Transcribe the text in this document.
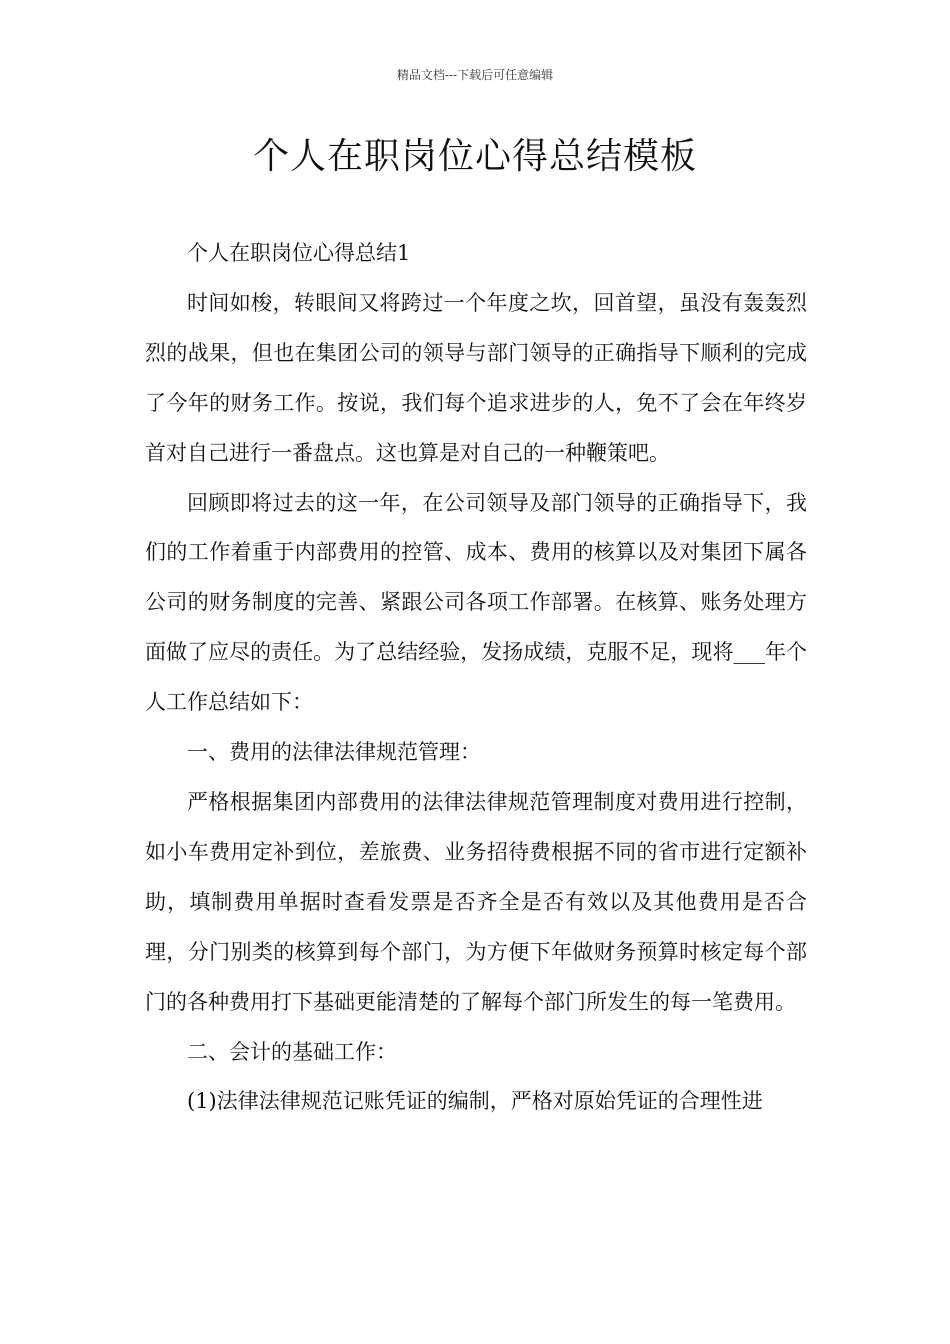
精品文档---下载后可任意编辑
个人在职岗位心得总结模板

个人在职岗位心得总结1

时间如梭，转眼间又将跨过一个年度之坎，回首望，虽没有轰轰烈烈的战果，但也在集团公司的领导与部门领导的正确指导下顺利的完成了今年的财务工作。按说，我们每个追求进步的人，免不了会在年终岁首对自己进行一番盘点。这也算是对自己的一种鞭策吧。

回顾即将过去的这一年，在公司领导及部门领导的正确指导下，我们的工作着重于内部费用的控管、成本、费用的核算以及对集团下属各公司的财务制度的完善、紧跟公司各项工作部署。在核算、账务处理方面做了应尽的责任。为了总结经验，发扬成绩，克服不足，现将___年个人工作总结如下：

一、费用的法律法律规范管理：

严格根据集团内部费用的法律法律规范管理制度对费用进行控制，如小车费用定补到位，差旅费、业务招待费根据不同的省市进行定额补助，填制费用单据时查看发票是否齐全是否有效以及其他费用是否合理，分门别类的核算到每个部门，为方便下年做财务预算时核定每个部门的各种费用打下基础更能清楚的了解每个部门所发生的每一笔费用。

二、会计的基础工作：

(1)法律法律规范记账凭证的编制，严格对原始凭证的合理性进
